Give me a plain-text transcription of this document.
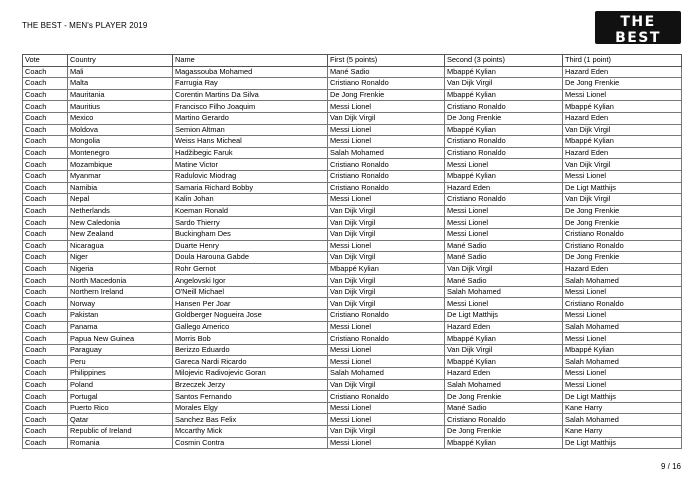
THE BEST - MEN's PLAYER 2019	THE BEST
FIFA MEN'S PLAYER
Vote	Country	Name	First (5 points)	Second (3 points)	Third (1 point)
Coach	Mali	Magassouba Mohamed	Mané Sadio	Mbappé Kylian	Hazard Eden
Coach	Malta	Farrugia Ray	Cristiano Ronaldo	Van Dijk Virgil	De Jong Frenkie
Coach	Mauritania	Corentin Martins Da Silva	De Jong Frenkie	Mbappé Kylian	Messi Lionel
Coach	Mauritius	Francisco Filho Joaquim	Messi Lionel	Cristiano Ronaldo	Mbappé Kylian
Coach	Mexico	Martino Gerardo	Van Dijk Virgil	De Jong Frenkie	Hazard Eden
Coach	Moldova	Semion Altman	Messi Lionel	Mbappé Kylian	Van Dijk Virgil
Coach	Mongolia	Weiss Hans Micheal	Messi Lionel	Cristiano Ronaldo	Mbappé Kylian
Coach	Montenegro	Hadžibegic Faruk	Salah Mohamed	Cristiano Ronaldo	Hazard Eden
Coach	Mozambique	Matine Victor	Cristiano Ronaldo	Messi Lionel	Van Dijk Virgil
Coach	Myanmar	Radulovic Miodrag	Cristiano Ronaldo	Mbappé Kylian	Messi Lionel
Coach	Namibia	Samaria Richard Bobby	Cristiano Ronaldo	Hazard Eden	De Ligt Matthijs
Coach	Nepal	Kalin Johan	Messi Lionel	Cristiano Ronaldo	Van Dijk Virgil
Coach	Netherlands	Koeman Ronald	Van Dijk Virgil	Messi Lionel	De Jong Frenkie
Coach	New Caledonia	Sardo Thierry	Van Dijk Virgil	Messi Lionel	De Jong Frenkie
Coach	New Zealand	Buckingham Des	Van Dijk Virgil	Messi Lionel	Cristiano Ronaldo
Coach	Nicaragua	Duarte Henry	Messi Lionel	Mané Sadio	Cristiano Ronaldo
Coach	Niger	Doula Harouna Gabde	Van Dijk Virgil	Mané Sadio	De Jong Frenkie
Coach	Nigeria	Rohr Gernot	Mbappé Kylian	Van Dijk Virgil	Hazard Eden
Coach	North Macedonia	Angelovski Igor	Van Dijk Virgil	Mané Sadio	Salah Mohamed
Coach	Northern Ireland	O'Neill Michael	Van Dijk Virgil	Salah Mohamed	Messi Lionel
Coach	Norway	Hansen Per Joar	Van Dijk Virgil	Messi Lionel	Cristiano Ronaldo
Coach	Pakistan	Goldberger Nogueira Jose	Cristiano Ronaldo	De Ligt Matthijs	Messi Lionel
Coach	Panama	Gallego Americo	Messi Lionel	Hazard Eden	Salah Mohamed
Coach	Papua New Guinea	Morris Bob	Cristiano Ronaldo	Mbappé Kylian	Messi Lionel
Coach	Paraguay	Berizzo Eduardo	Messi Lionel	Van Dijk Virgil	Mbappé Kylian
Coach	Peru	Gareca Nardi Ricardo	Messi Lionel	Mbappé Kylian	Salah Mohamed
Coach	Philippines	Milojevic Radivojevic Goran	Salah Mohamed	Hazard Eden	Messi Lionel
Coach	Poland	Brzeczek Jerzy	Van Dijk Virgil	Salah Mohamed	Messi Lionel
Coach	Portugal	Santos Fernando	Cristiano Ronaldo	De Jong Frenkie	De Ligt Matthijs
Coach	Puerto Rico	Morales Elgy	Messi Lionel	Mané Sadio	Kane Harry
Coach	Qatar	Sanchez Bas Felix	Messi Lionel	Cristiano Ronaldo	Salah Mohamed
Coach	Republic of Ireland	Mccarthy Mick	Van Dijk Virgil	De Jong Frenkie	Kane Harry
Coach	Romania	Cosmin Contra	Messi Lionel	Mbappé Kylian	De Ligt Matthijs
9 / 16
